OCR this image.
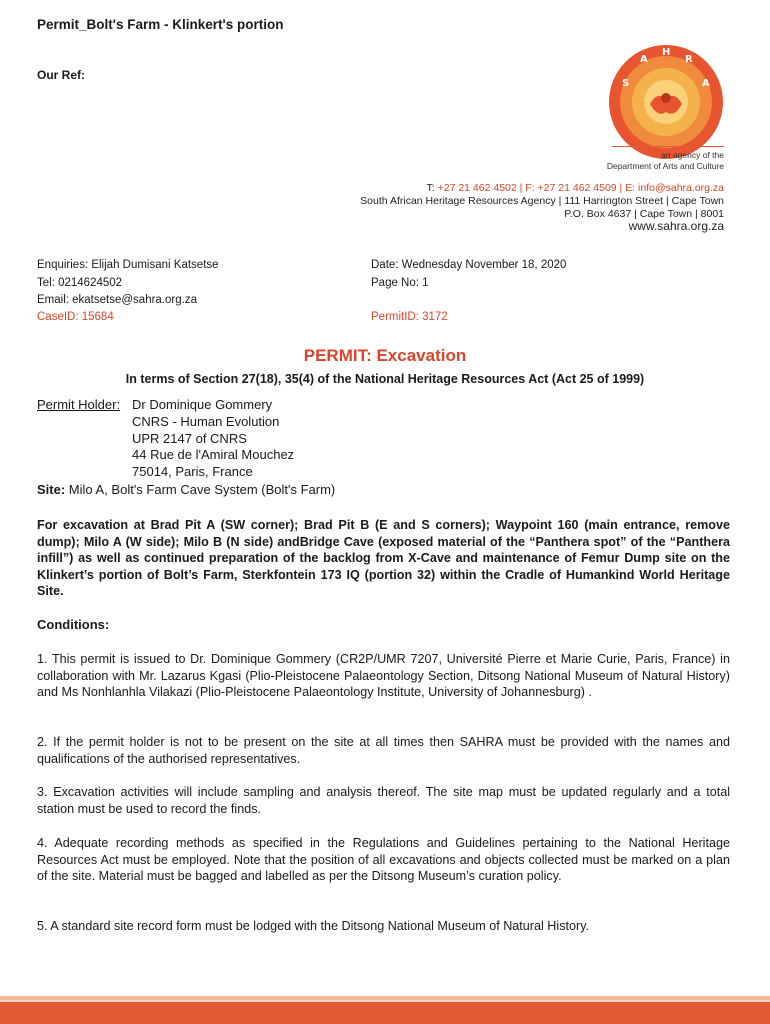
Permit_Bolt's Farm - Klinkert's portion
Our Ref:
S
A
H
R
A
an agency of the
Department of Arts and Culture
T: +27 21 462 4502 | F: +27 21 462 4509 | E: info@sahra.org.za
South African Heritage Resources Agency | 111 Harrington Street | Cape Town
P.O. Box 4637 | Cape Town | 8001
www.sahra.org.za
Enquiries: Elijah Dumisani Katsetse
Tel: 0214624502
Email: ekatsetse@sahra.org.za
CaseID: 15684
Date: Wednesday November 18, 2020
Page No: 1
PermitID: 3172
PERMIT: Excavation
In terms of Section 27(18), 35(4) of the National Heritage Resources Act (Act 25 of 1999)
Permit Holder: Dr Dominique Gommery
CNRS - Human Evolution
UPR 2147 of CNRS
44 Rue de l'Amiral Mouchez
75014, Paris, France
Site: Milo A, Bolt's Farm Cave System (Bolt's Farm)
For excavation at Brad Pit A (SW corner); Brad Pit B (E and S corners); Waypoint 160 (main entrance, remove dump); Milo A (W side); Milo B (N side) andBridge Cave (exposed material of the “Panthera spot” of the “Panthera infill”) as well as continued preparation of the backlog from X-Cave and maintenance of Femur Dump site on the Klinkert’s portion of Bolt’s Farm, Sterkfontein 173 IQ (portion 32) within the Cradle of Humankind World Heritage Site.
Conditions:
1. This permit is issued to Dr. Dominique Gommery (CR2P/UMR 7207, Université Pierre et Marie Curie, Paris, France) in collaboration with Mr. Lazarus Kgasi (Plio-Pleistocene Palaeontology Section, Ditsong National Museum of Natural History) and Ms Nonhlanhla Vilakazi (Plio-Pleistocene Palaeontology Institute, University of Johannesburg) .
2. If the permit holder is not to be present on the site at all times then SAHRA must be provided with the names and qualifications of the authorised representatives.
3. Excavation activities will include sampling and analysis thereof. The site map must be updated regularly and a total station must be used to record the finds.
4. Adequate recording methods as specified in the Regulations and Guidelines pertaining to the National Heritage Resources Act must be employed. Note that the position of all excavations and objects collected must be marked on a plan of the site. Material must be bagged and labelled as per the Ditsong Museum’s curation policy.
5. A standard site record form must be lodged with the Ditsong National Museum of Natural History.
